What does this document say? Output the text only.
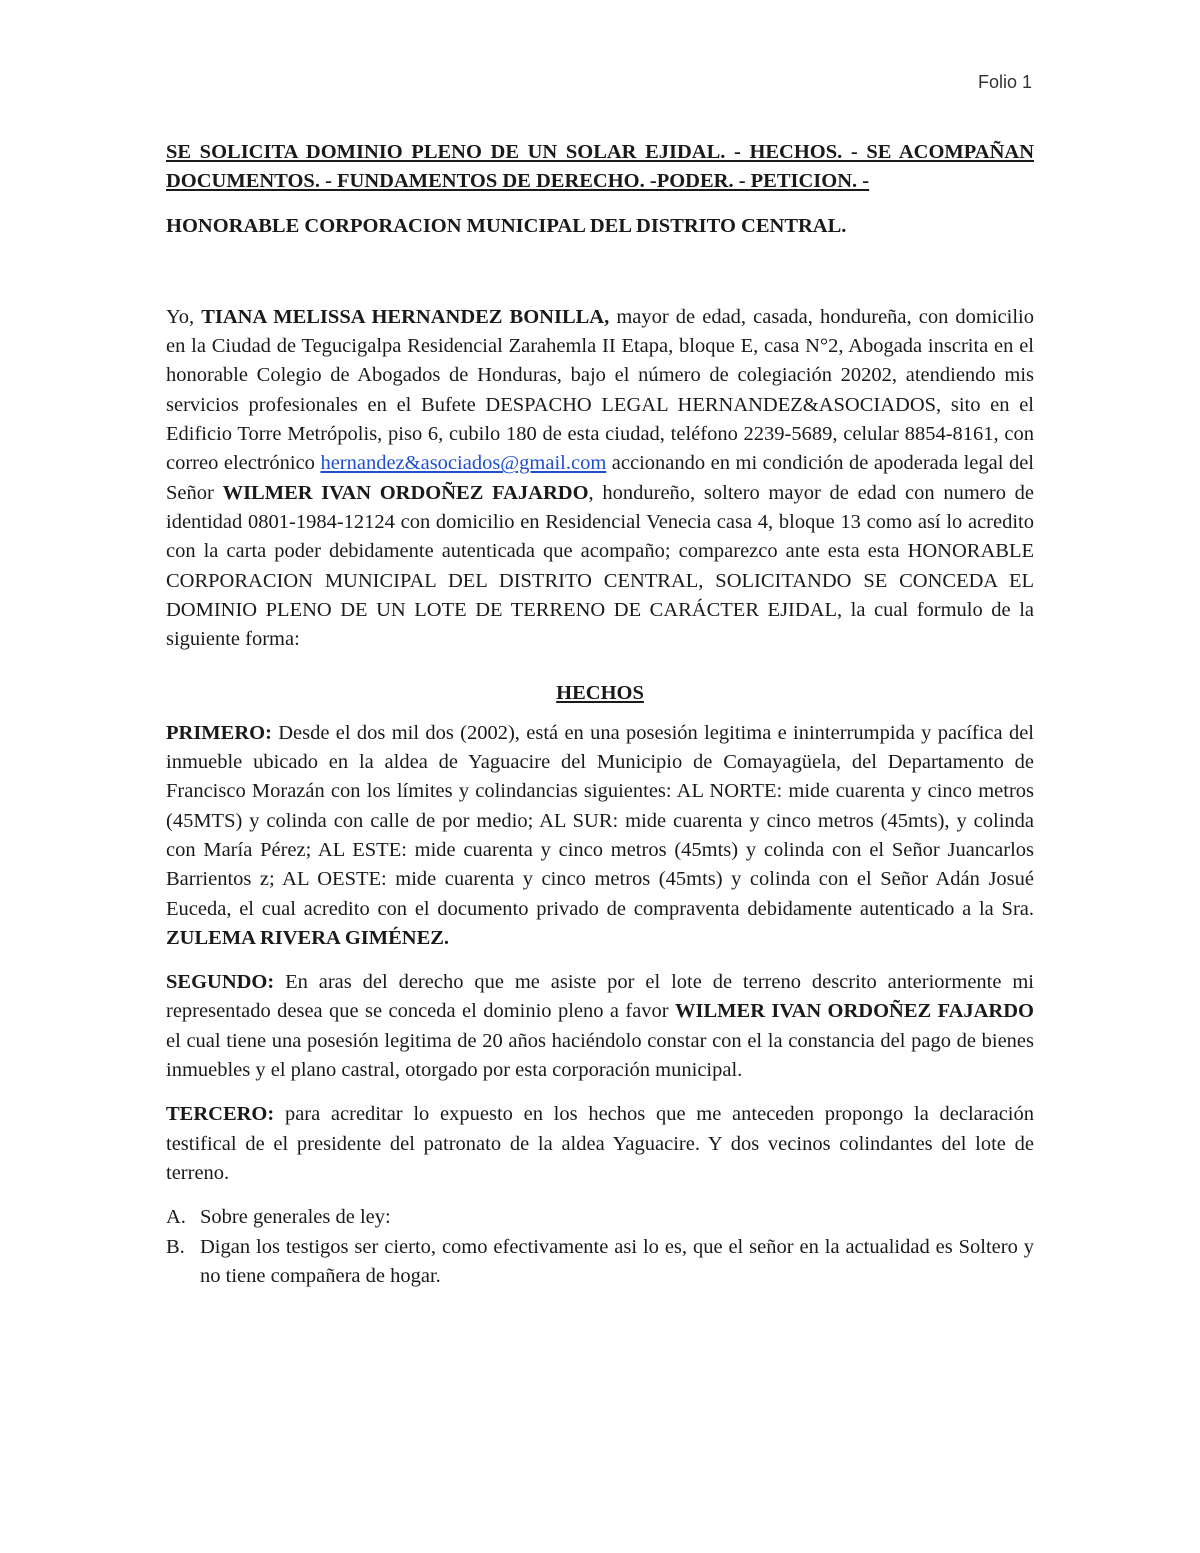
Folio 1

SE SOLICITA DOMINIO PLENO DE UN SOLAR EJIDAL. - HECHOS. - SE ACOMPAÑAN DOCUMENTOS. - FUNDAMENTOS DE DERECHO. -PODER. - PETICION. -

HONORABLE CORPORACION MUNICIPAL DEL DISTRITO CENTRAL.

Yo, TIANA MELISSA HERNANDEZ BONILLA, mayor de edad, casada, hondureña, con domicilio en la Ciudad de Tegucigalpa Residencial Zarahemla II Etapa, bloque E, casa N°2, Abogada inscrita en el honorable Colegio de Abogados de Honduras, bajo el número de colegiación 20202, atendiendo mis servicios profesionales en el Bufete DESPACHO LEGAL HERNANDEZ&ASOCIADOS, sito en el Edificio Torre Metrópolis, piso 6, cubilo 180 de esta ciudad, teléfono 2239-5689, celular 8854-8161, con correo electrónico hernandez&asociados@gmail.com accionando en mi condición de apoderada legal del Señor WILMER IVAN ORDOÑEZ FAJARDO, hondureño, soltero mayor de edad con numero de identidad 0801-1984-12124 con domicilio en Residencial Venecia casa 4, bloque 13 como así lo acredito con la carta poder debidamente autenticada que acompaño; comparezco ante esta esta HONORABLE CORPORACION MUNICIPAL DEL DISTRITO CENTRAL, SOLICITANDO SE CONCEDA EL DOMINIO PLENO DE UN LOTE DE TERRENO DE CARÁCTER EJIDAL, la cual formulo de la siguiente forma:

HECHOS

PRIMERO: Desde el dos mil dos (2002), está en una posesión legitima e ininterrumpida y pacífica del inmueble ubicado en la aldea de Yaguacire del Municipio de Comayagüela, del Departamento de Francisco Morazán con los límites y colindancias siguientes: AL NORTE: mide cuarenta y cinco metros (45MTS) y colinda con calle de por medio; AL SUR: mide cuarenta y cinco metros (45mts), y colinda con María Pérez; AL ESTE: mide cuarenta y cinco metros (45mts) y colinda con el Señor Juancarlos Barrientos z; AL OESTE: mide cuarenta y cinco metros (45mts) y colinda con el Señor Adán Josué Euceda, el cual acredito con el documento privado de compraventa debidamente autenticado a la Sra. ZULEMA RIVERA GIMÉNEZ.

SEGUNDO: En aras del derecho que me asiste por el lote de terreno descrito anteriormente mi representado desea que se conceda el dominio pleno a favor WILMER IVAN ORDOÑEZ FAJARDO el cual tiene una posesión legitima de 20 años haciéndolo constar con el la constancia del pago de bienes inmuebles y el plano castral, otorgado por esta corporación municipal.

TERCERO: para acreditar lo expuesto en los hechos que me anteceden propongo la declaración testifical de el presidente del patronato de la aldea Yaguacire. Y dos vecinos colindantes del lote de terreno.

A. Sobre generales de ley:
B. Digan los testigos ser cierto, como efectivamente asi lo es, que el señor en la actualidad es Soltero y no tiene compañera de hogar.
